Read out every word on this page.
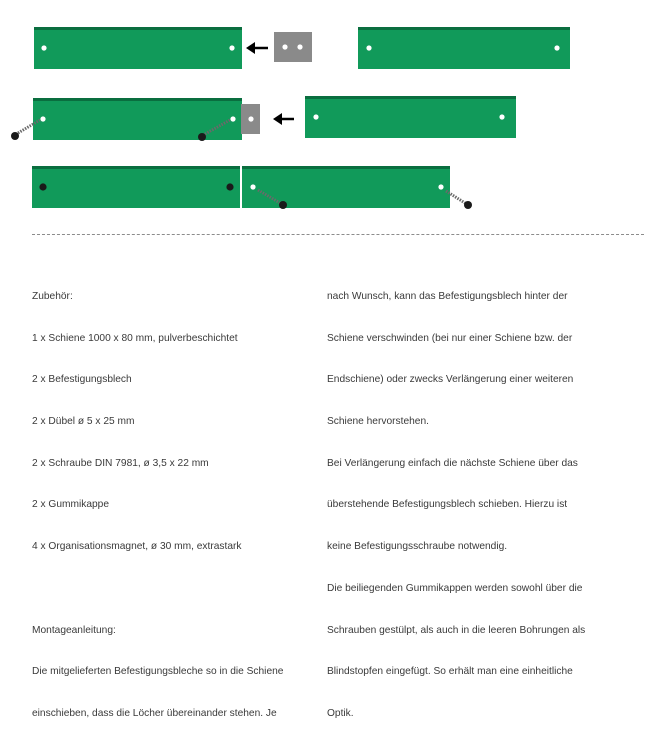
Zubehör:

1 x Schiene 1000 x 80 mm, pulverbeschichtet

2 x Befestigungsblech

2 x Dübel ø 5 x 25 mm

2 x Schraube DIN 7981, ø 3,5 x 22 mm

2 x Gummikappe

4 x Organisationsmagnet, ø 30 mm, extrastark

Montageanleitung:

Die mitgelieferten Befestigungsbleche so in die Schiene

einschieben, dass die Löcher übereinander stehen. Je

nach Wunsch, kann das Befestigungsblech hinter der

Schiene verschwinden (bei nur einer Schiene bzw. der

Endschiene) oder zwecks Verlängerung einer weiteren

Schiene hervorstehen.

Bei Verlängerung einfach die nächste Schiene über das

überstehende Befestigungsblech schieben. Hierzu ist

keine Befestigungsschraube notwendig.

Die beiliegenden Gummikappen werden sowohl über die

Schrauben gestülpt, als auch in die leeren Bohrungen als

Blindstopfen eingefügt. So erhält man eine einheitliche

Optik.
